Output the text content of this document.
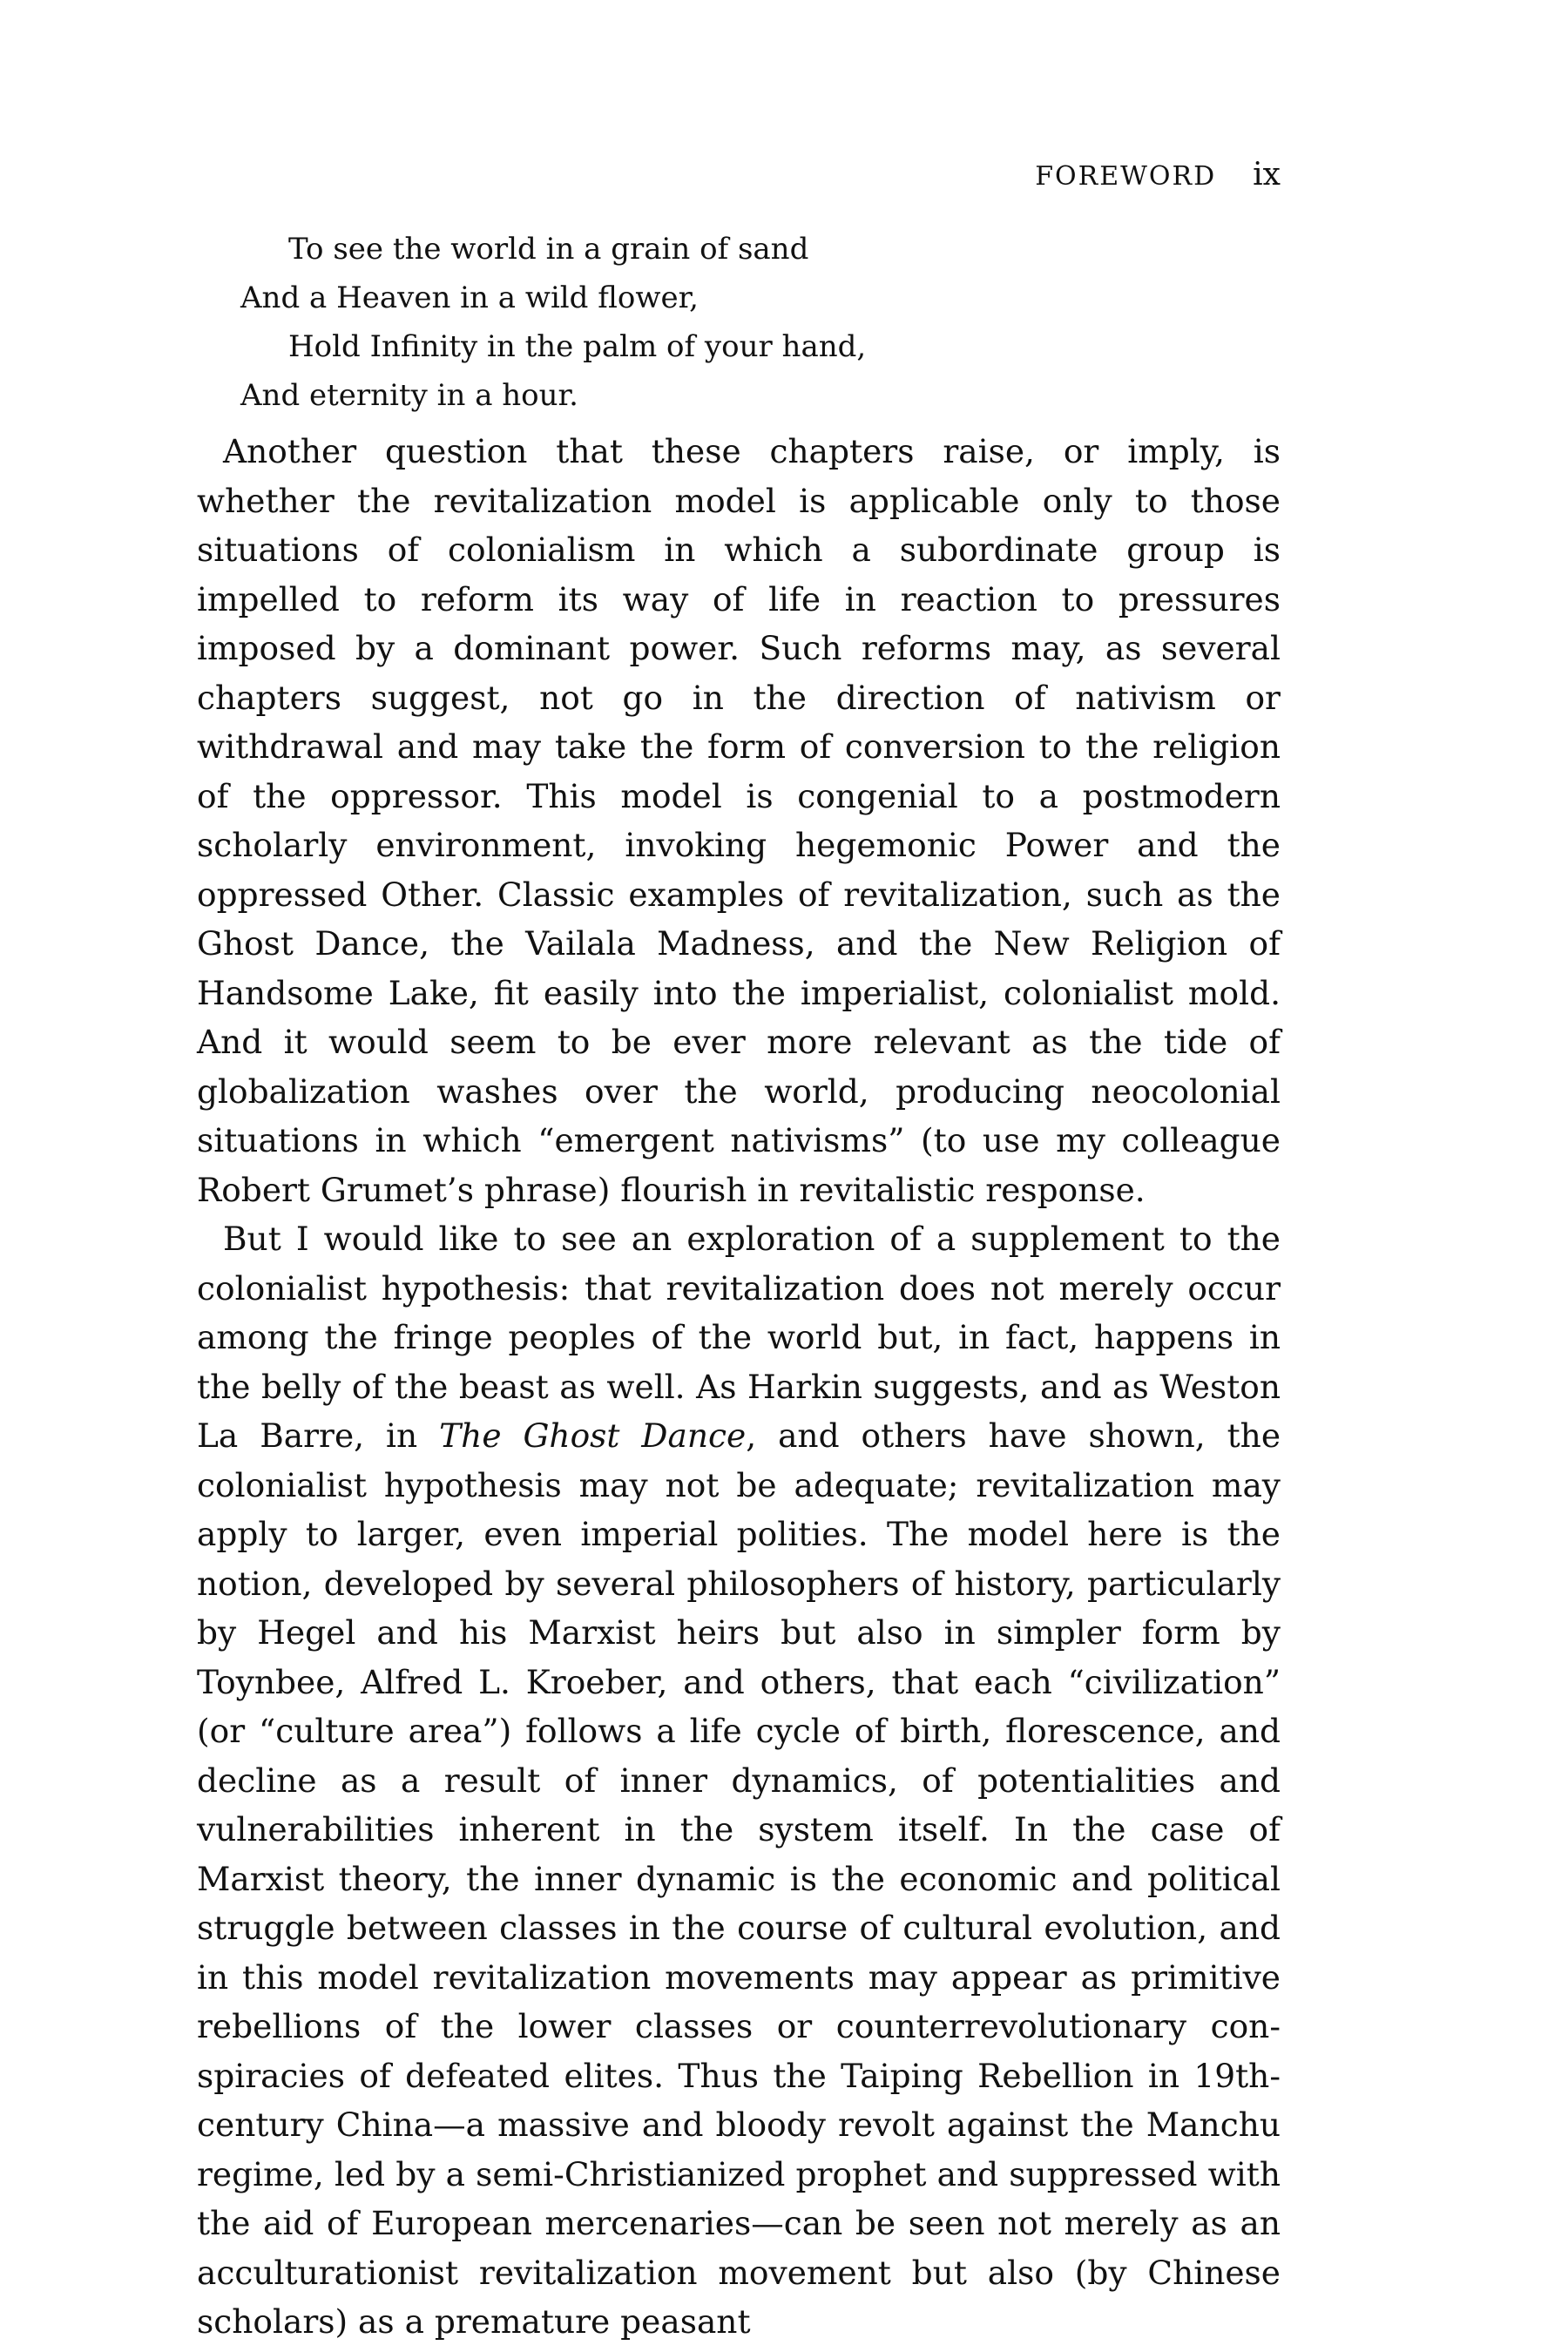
FOREWORD ix
To see the world in a grain of sand
And a Heaven in a wild flower,
Hold Infinity in the palm of your hand,
And eternity in a hour.

Another question that these chapters raise, or imply, is whether the revitalization model is applicable only to those situations of colonialism in which a subordinate group is impelled to reform its way of life in reaction to pressures imposed by a dominant power. Such reforms may, as several chapters suggest, not go in the direction of nativism or withdrawal and may take the form of conversion to the religion of the oppressor. This model is congenial to a postmodern scholarly environment, invoking hegemonic Power and the oppressed Other. Classic examples of revitalization, such as the Ghost Dance, the Vailala Madness, and the New Religion of Handsome Lake, fit easily into the imperialist, colonialist mold. And it would seem to be ever more relevant as the tide of globalization washes over the world, producing neocolonial situations in which “emergent nativisms” (to use my colleague Robert Grumet’s phrase) flourish in revitalistic response.

But I would like to see an exploration of a supplement to the colonialist hypothesis: that revitalization does not merely occur among the fringe peoples of the world but, in fact, happens in the belly of the beast as well. As Harkin suggests, and as Weston La Barre, in The Ghost Dance, and others have shown, the colonialist hypothesis may not be adequate; revitalization may apply to larger, even imperial polities. The model here is the notion, developed by several philosophers of history, particularly by Hegel and his Marxist heirs but also in simpler form by Toynbee, Alfred L. Kroeber, and others, that each “civilization” (or “culture area”) follows a life cycle of birth, florescence, and decline as a result of inner dynamics, of potentialities and vulnerabilities inherent in the system itself. In the case of Marxist theory, the inner dynamic is the economic and political struggle between classes in the course of cultural evolution, and in this model revitalization movements may appear as primitive rebellions of the lower classes or counterrevolutionary conspiracies of defeated elites. Thus the Taiping Rebellion in 19th-century China—a massive and bloody revolt against the Manchu regime, led by a semi-Christianized prophet and suppressed with the aid of European mercenaries—can be seen not merely as an acculturationist revitalization movement but also (by Chinese scholars) as a premature peasant
